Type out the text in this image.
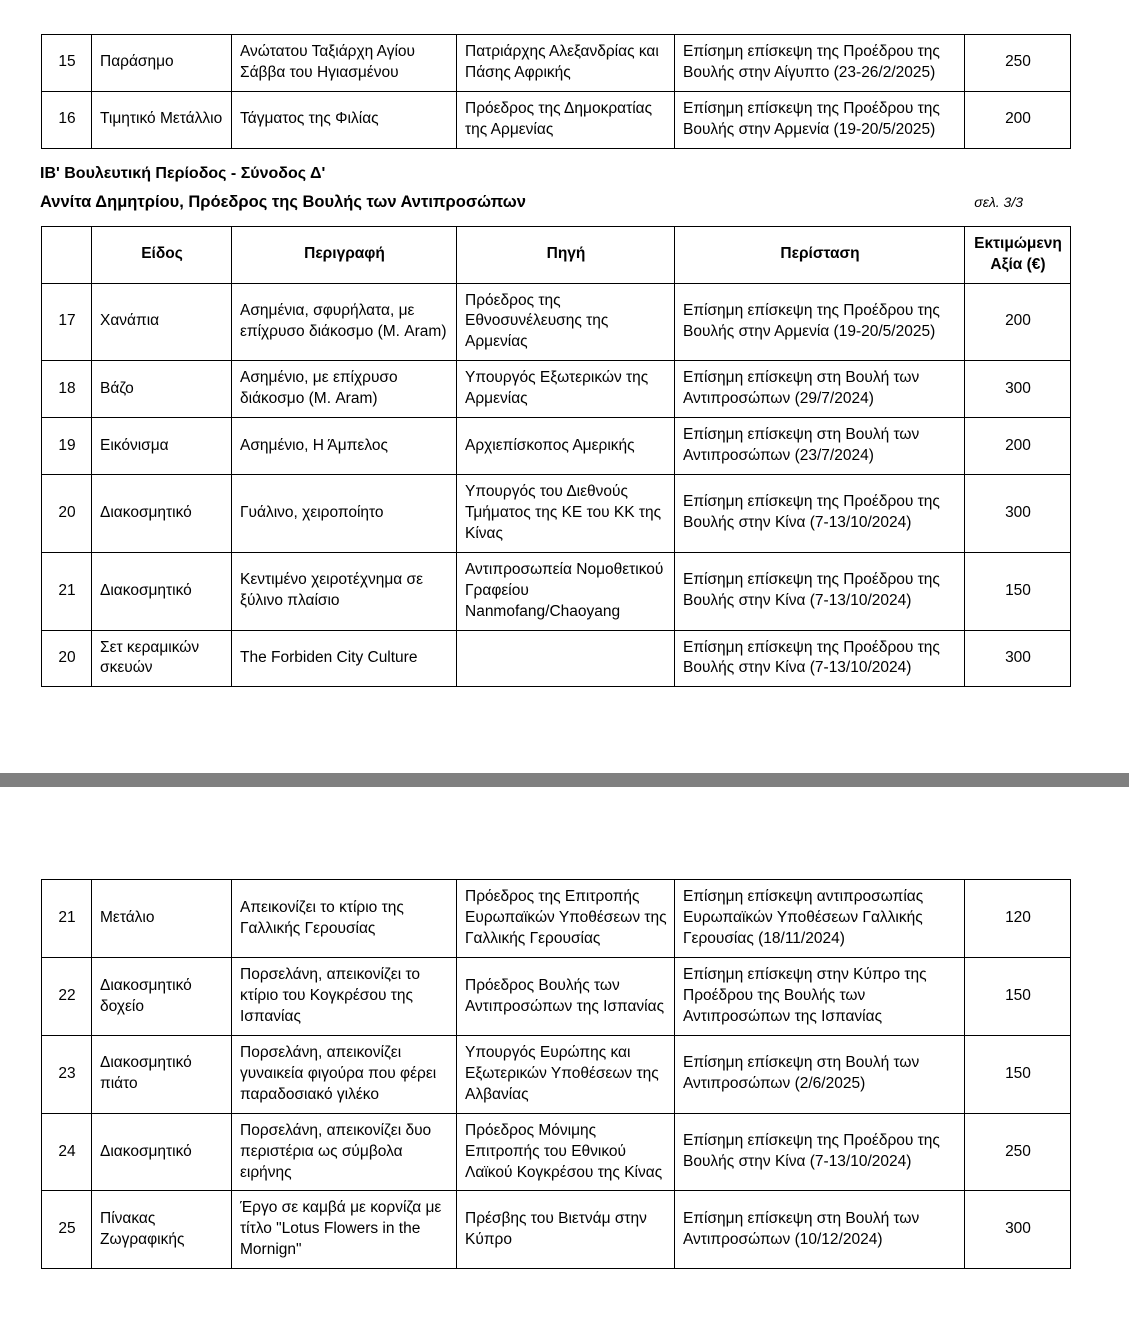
15	Παράσημο	Ανώτατου Ταξιάρχη Αγίου Σάββα του Ηγιασμένου	Πατριάρχης Αλεξανδρίας και Πάσης Αφρικής	Επίσημη επίσκεψη της Προέδρου της Βουλής στην Αίγυπτο (23-26/2/2025)	250
16	Τιμητικό Μετάλλιο	Τάγματος της Φιλίας	Πρόεδρος της Δημοκρατίας της Αρμενίας	Επίσημη επίσκεψη της Προέδρου της Βουλής στην Αρμενία (19-20/5/2025)	200
ΙΒ' Βουλευτική Περίοδος - Σύνοδος Δ'
Αννίτα Δημητρίου, Πρόεδρος της Βουλής των Αντιπροσώπων	σελ. 3/3
	Είδος	Περιγραφή	Πηγή	Περίσταση	Εκτιμώμενη Αξία (€)
17	Χανάπια	Ασημένια, σφυρήλατα, με επίχρυσο διάκοσμο (Μ. Aram)	Πρόεδρος της Εθνοσυνέλευσης της Αρμενίας	Επίσημη επίσκεψη της Προέδρου της Βουλής στην Αρμενία (19-20/5/2025)	200
18	Βάζο	Ασημένιο, με επίχρυσο διάκοσμο (Μ. Aram)	Υπουργός Εξωτερικών της Αρμενίας	Επίσημη επίσκεψη στη Βουλή των Αντιπροσώπων (29/7/2024)	300
19	Εικόνισμα	Ασημένιο, Η Άμπελος	Αρχιεπίσκοπος Αμερικής	Επίσημη επίσκεψη στη Βουλή των Αντιπροσώπων (23/7/2024)	200
20	Διακοσμητικό	Γυάλινο, χειροποίητο	Υπουργός του Διεθνούς Τμήματος της ΚΕ του ΚΚ της Κίνας	Επίσημη επίσκεψη της Προέδρου της Βουλής στην Κίνα (7-13/10/2024)	300
21	Διακοσμητικό	Κεντιμένο χειροτέχνημα σε ξύλινο πλαίσιο	Αντιπροσωπεία Νομοθετικού Γραφείου Nanmofang/Chaoyang	Επίσημη επίσκεψη της Προέδρου της Βουλής στην Κίνα (7-13/10/2024)	150
20	Σετ κεραμικών σκευών	The Forbiden City Culture		Επίσημη επίσκεψη της Προέδρου της Βουλής στην Κίνα (7-13/10/2024)	300
21	Μετάλιο	Απεικονίζει το κτίριο της Γαλλικής Γερουσίας	Πρόεδρος της Επιτροπής Ευρωπαϊκών Υποθέσεων της Γαλλικής Γερουσίας	Επίσημη επίσκεψη αντιπροσωπίας Ευρωπαϊκών Υποθέσεων Γαλλικής Γερουσίας (18/11/2024)	120
22	Διακοσμητικό δοχείο	Πορσελάνη, απεικονίζει το κτίριο του Κογκρέσου της Ισπανίας	Πρόεδρος Βουλής των Αντιπροσώπων της Ισπανίας	Επίσημη επίσκεψη στην Κύπρο της Προέδρου της Βουλής των Αντιπροσώπων της Ισπανίας	150
23	Διακοσμητικό πιάτο	Πορσελάνη, απεικονίζει γυναικεία φιγούρα που φέρει παραδοσιακό γιλέκο	Υπουργός Ευρώπης και Εξωτερικών Υποθέσεων της Αλβανίας	Επίσημη επίσκεψη στη Βουλή των Αντιπροσώπων (2/6/2025)	150
24	Διακοσμητικό	Πορσελάνη, απεικονίζει δυο περιστέρια ως σύμβολα ειρήνης	Πρόεδρος Μόνιμης Επιτροπής του Εθνικού Λαϊκού Κογκρέσου της Κίνας	Επίσημη επίσκεψη της Προέδρου της Βουλής στην Κίνα (7-13/10/2024)	250
25	Πίνακας Ζωγραφικής	Έργο σε καμβά με κορνίζα με τίτλο "Lotus Flowers in the Mornign"	Πρέσβης του Βιετνάμ στην Κύπρο	Επίσημη επίσκεψη στη Βουλή των Αντιπροσώπων (10/12/2024)	300
